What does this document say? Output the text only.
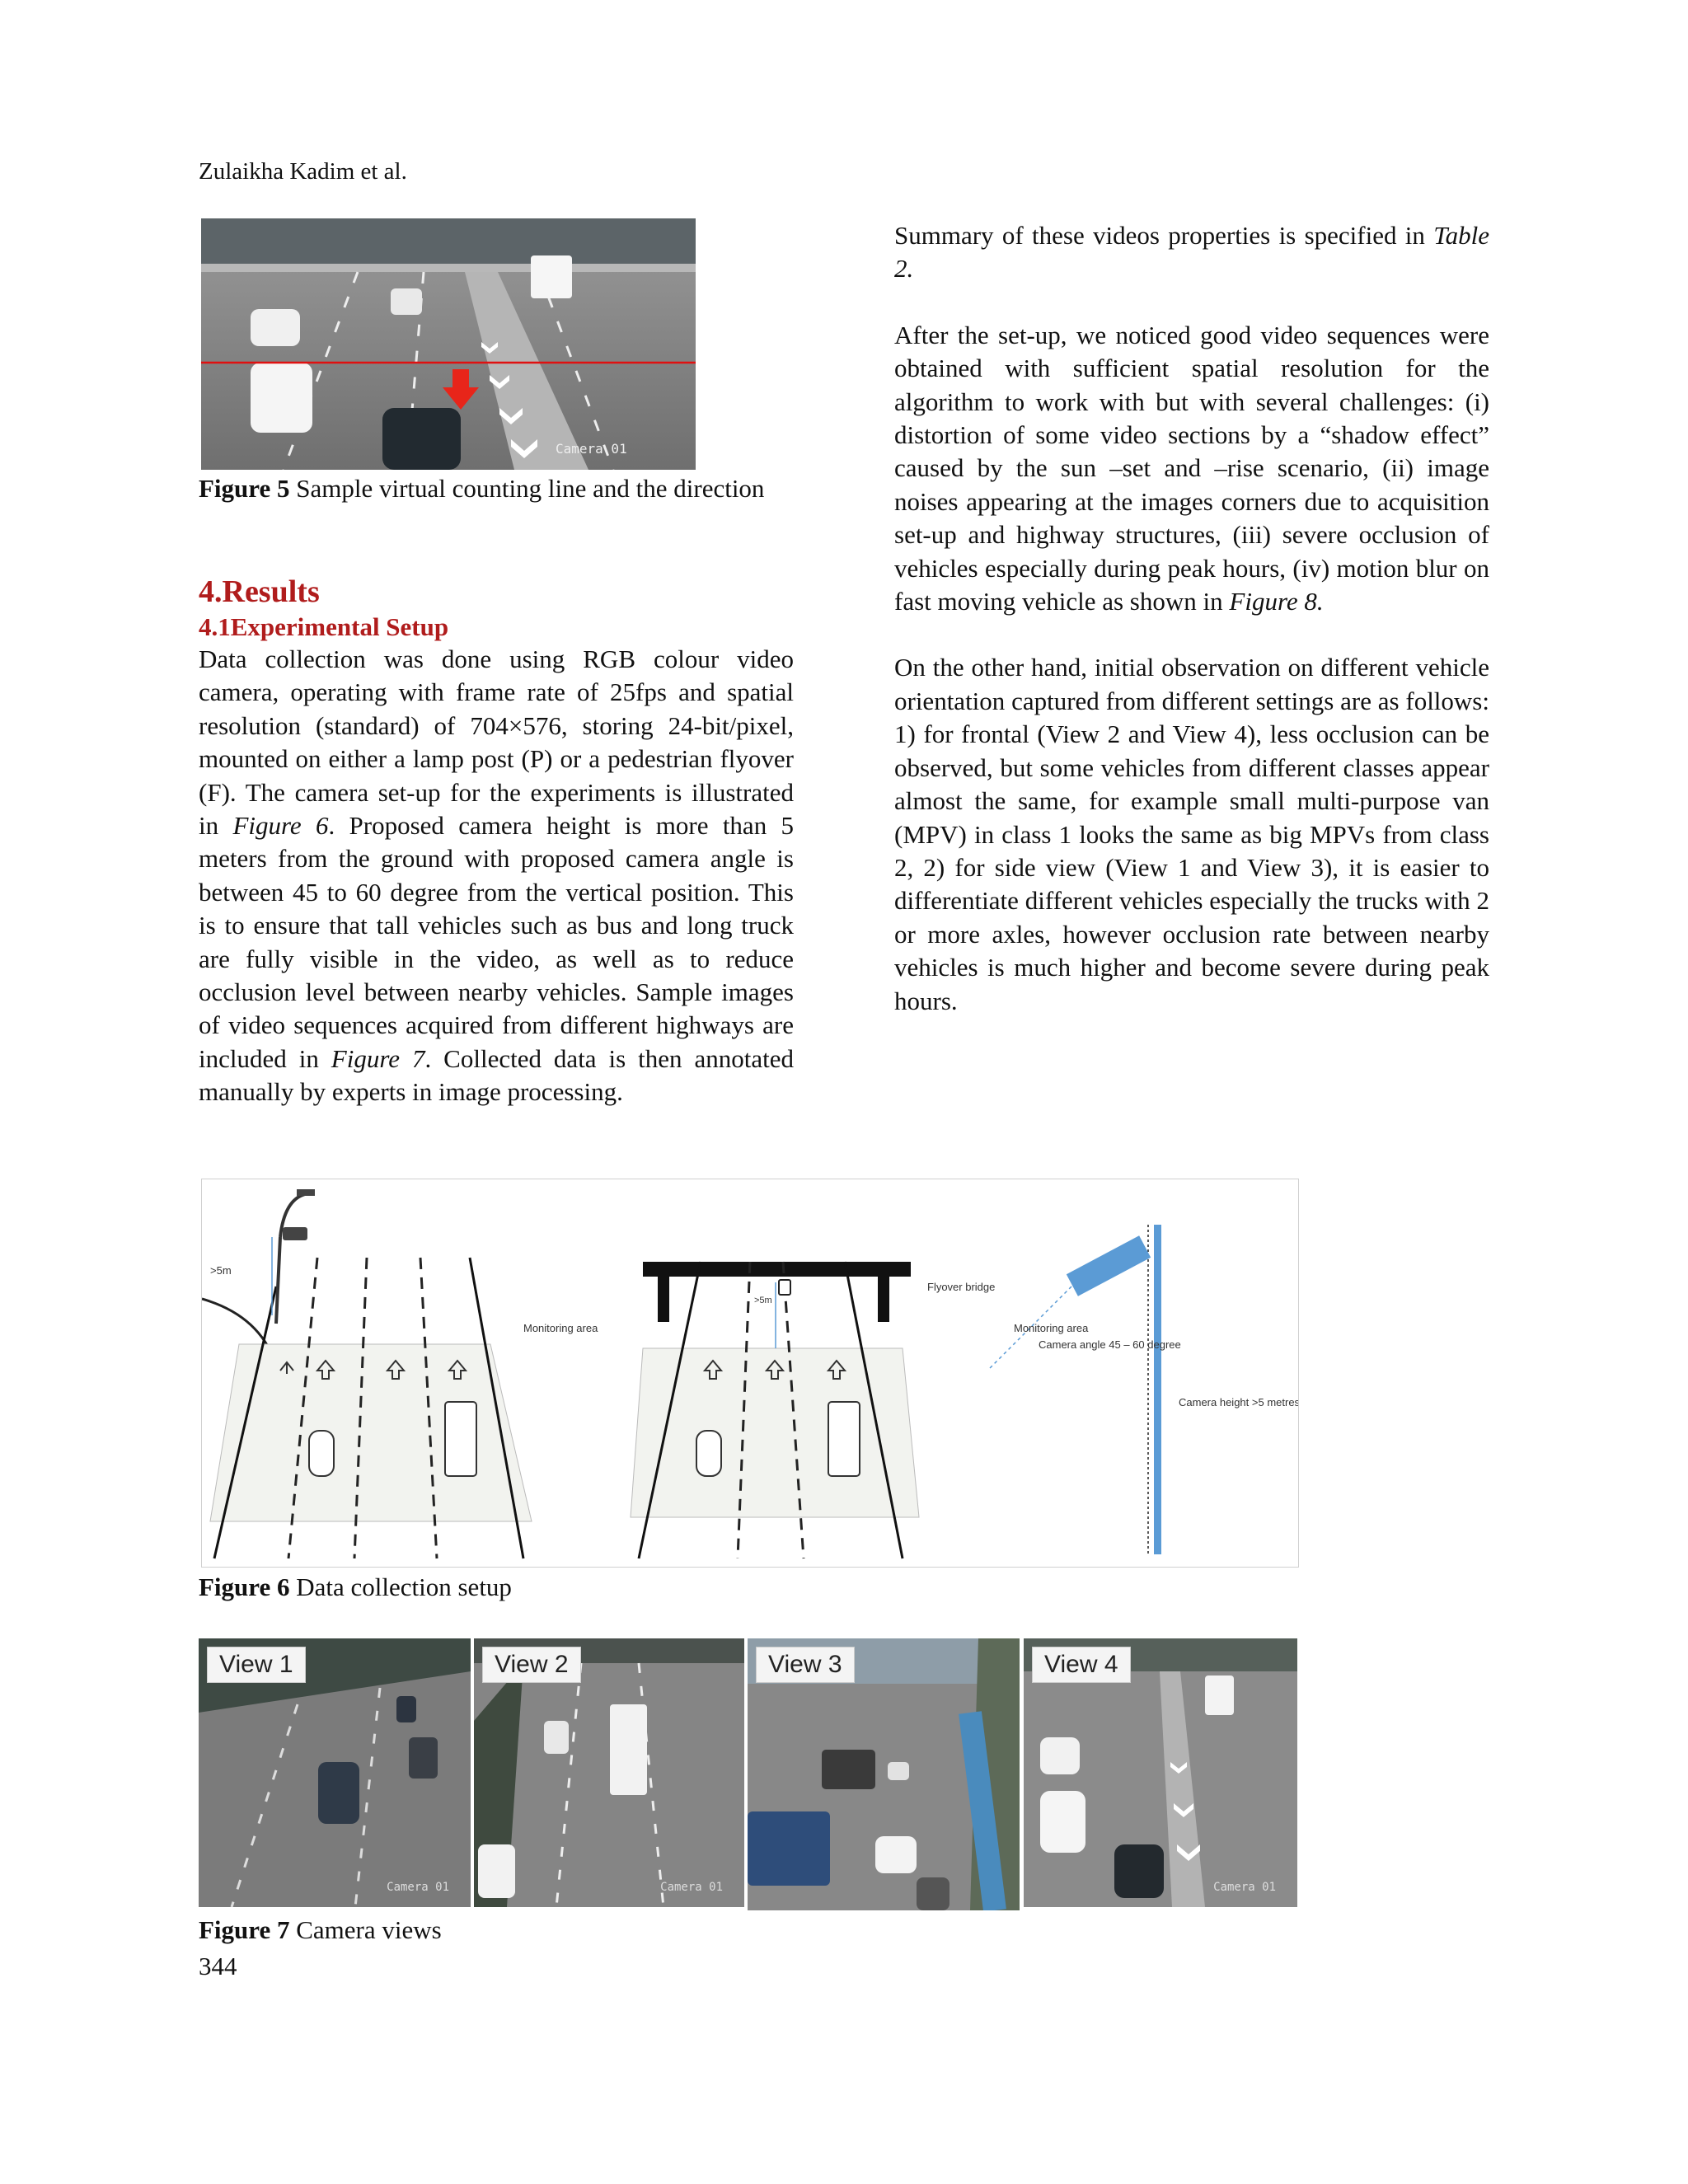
Zulaikha Kadim et al.
Camera 01
Figure 5 Sample virtual counting line and the direction
4.Results
4.1Experimental Setup

Data collection was done using RGB colour video camera, operating with frame rate of 25fps and spatial resolution (standard) of 704×576, storing 24-bit/pixel, mounted on either a lamp post (P) or a pedestrian flyover (F). The camera set-up for the experiments is illustrated in Figure 6. Proposed camera height is more than 5 meters from the ground with proposed camera angle is between 45 to 60 degree from the vertical position. This is to ensure that tall vehicles such as bus and long truck are fully visible in the video, as well as to reduce occlusion level between nearby vehicles. Sample images of video sequences acquired from different highways are included in Figure 7. Collected data is then annotated manually by experts in image processing.

Summary of these videos properties is specified in Table 2.

After the set-up, we noticed good video sequences were obtained with sufficient spatial resolution for the algorithm to work with but with several challenges: (i) distortion of some video sections by a “shadow effect” caused by the sun –set and –rise scenario, (ii) image noises appearing at the images corners due to acquisition set-up and highway structures, (iii) severe occlusion of vehicles especially during peak hours, (iv) motion blur on fast moving vehicle as shown in Figure 8.

On the other hand, initial observation on different vehicle orientation captured from different settings are as follows: 1) for frontal (View 2 and View 4), less occlusion can be observed, but some vehicles from different classes appear almost the same, for example small multi-purpose van (MPV) in class 1 looks the same as big MPVs from class 2, 2) for side view (View 1 and View 3), it is easier to differentiate different vehicles especially the trucks with 2 or more axles, however occlusion rate between nearby vehicles is much higher and become severe during peak hours.

>5m
Monitoring area
>5m
Flyover bridge
Monitoring area
Camera angle 45 – 60 degree
Camera height >5 metres
Figure 6 Data collection setup
View 1
Camera 01
View 2
Camera 01
View 3	View 4
Camera 01
Figure 7 Camera views
344
